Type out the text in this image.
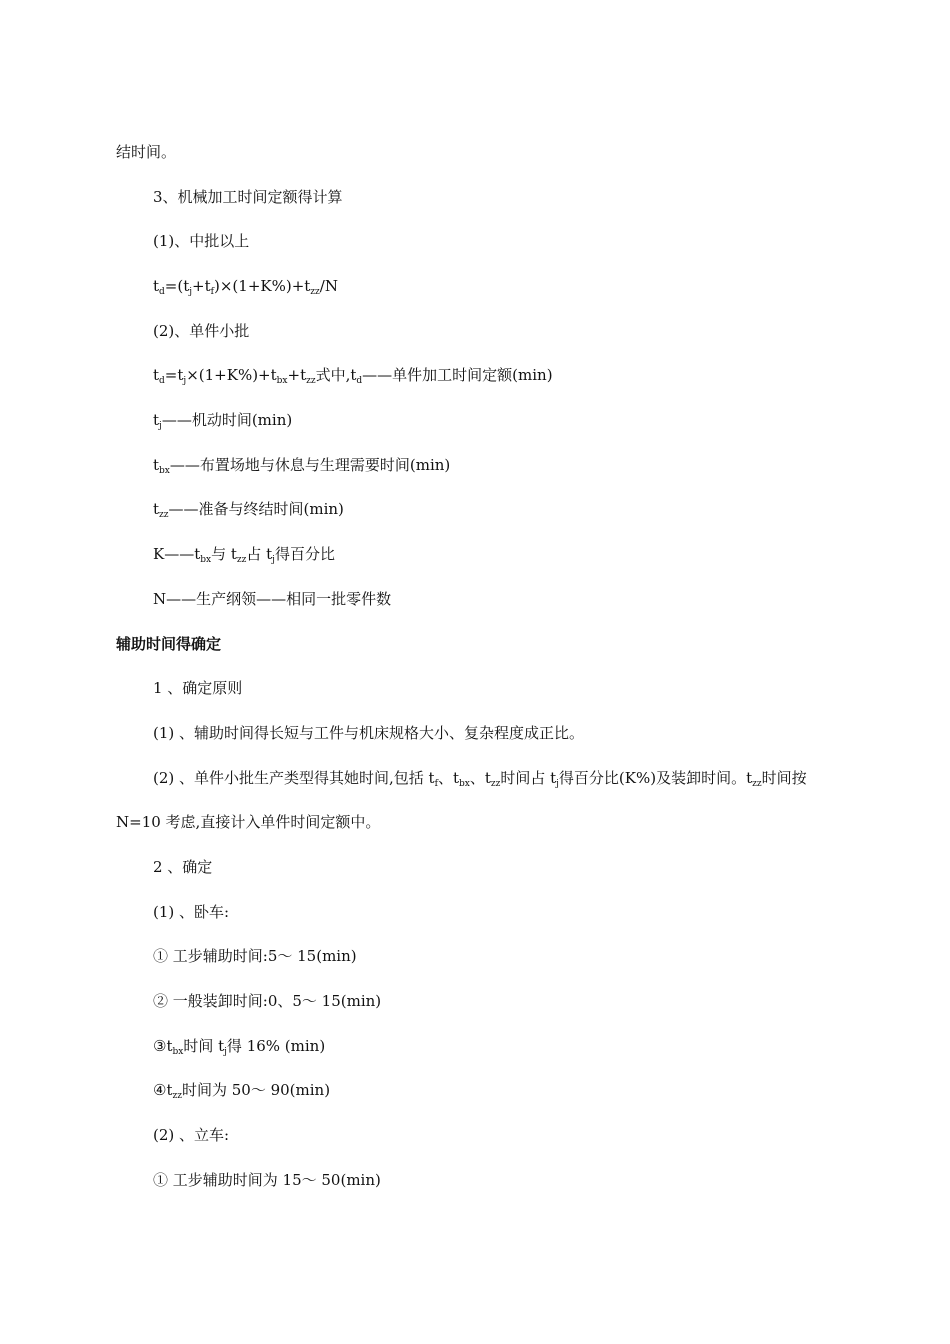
结时间。
3、机械加工时间定额得计算
(1)、中批以上
$t_d=(t_j+t_f)\times(1+K\%)+t_{zz}/N$
(2)、单件小批
$t_d=t_j\times(1+K\%)+t_{bx}+t_{zz}$式中$,t_d——$单件加工时间定额(min)
$t_j——$机动时间(min)
$t_{bx}——$布置场地与休息与生理需要时间(min)
$t_{zz}——$准备与终结时间(min)
$K——t_{bx}$与 $t_{zz}$占 $t_j$得百分比
N——生产纲领——相同一批零件数
辅助时间得确定
1 、确定原则
(1) 、辅助时间得长短与工件与机床规格大小、复杂程度成正比。
(2) 、单件小批生产类型得其她时间,包括 $t_f$、$t_{bx}$、$t_{zz}$时间占 $t_j$得百分比(K%)及装卸时间。$t_{zz}$时间按
N=10 考虑,直接计入单件时间定额中。
2 、确定
(1) 、卧车:
① 工步辅助时间:5～ 15(min)
② 一般装卸时间:0、5～ 15(min)
$③t_{bx}$时间 $t_j$得 16% (min)
$④t_{zz}$时间为 50～ 90(min)
(2) 、立车:
① 工步辅助时间为 15～ 50(min)
